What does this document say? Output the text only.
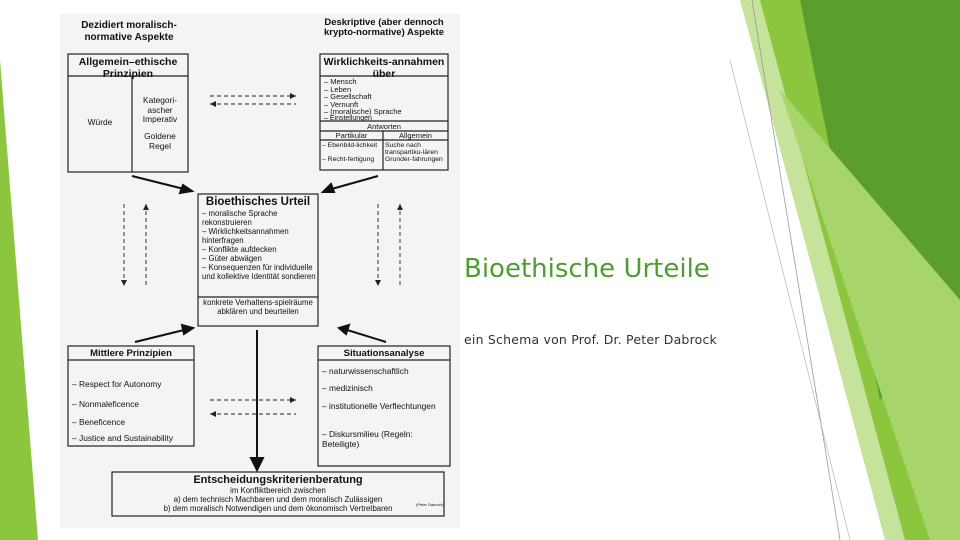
Dezidiert moralisch-normative Aspekte
Deskriptive (aber dennoch krypto-normative) Aspekte
Allgemein–ethische Prinzipien
Würde
Kategori-ascher Imperativ
Goldene Regel
Wirklichkeits-annahmen über
– Mensch
– Leben
– Gesellschaft
– Vernunft
– (moralische) Sprache
– Einstellungen
Antworten
Partikular	Allgemein
– Ebenbild-lichkeit
– Recht-fertigung
Suche nach transpartiku-lären Grunder-fahrungen
Bioethisches Urteil
– moralische Sprache rekonstruieren
– Wirklichkeitsannahmen hinterfragen
– Konflikte aufdecken
– Güter abwägen
– Konsequenzen für individuelle und kollektive Identität sondieren
konkrete Verhaltens-spielräume abklären und beurteilen
Mittlere Prinzipien
– Respect for Autonomy
– Nonmaleficence
– Beneficence
– Justice and Sustainability
Situationsanalyse
– naturwissenschaftlich
– medizinisch
– institutionelle Verflechtungen
– Diskursmilieu (Regeln: Beteiligte)
Entscheidungskriterienberatung
im Konfliktbereich zwischen
a) dem technisch Machbaren und dem moralisch Zulässigen
b) dem moralisch Notwendigen und dem ökonomisch Vertretbaren	(Peter Dabrock)
Bioethische Urteile
ein Schema von Prof. Dr. Peter Dabrock
